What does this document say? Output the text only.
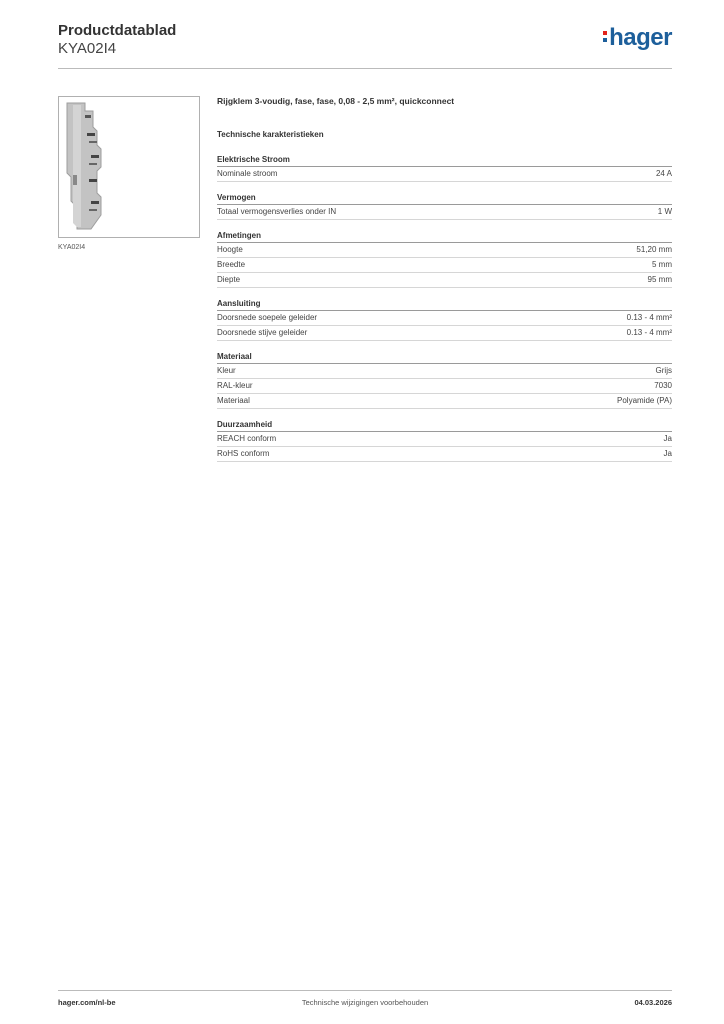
Productdatablad
KYA02I4	hager
KYA02I4
Rijgklem 3-voudig, fase, fase, 0,08 - 2,5 mm², quickconnect
Technische karakteristieken
Elektrische Stroom
Nominale stroom	24 A
Vermogen
Totaal vermogensverlies onder IN	1 W
Afmetingen
Hoogte	51,20 mm
Breedte	5 mm
Diepte	95 mm
Aansluiting
Doorsnede soepele geleider	0.13 - 4 mm²
Doorsnede stijve geleider	0.13 - 4 mm²
Materiaal
Kleur	Grijs
RAL-kleur	7030
Materiaal	Polyamide (PA)
Duurzaamheid
REACH conform	Ja
RoHS conform	Ja
hager.com/nl-be	Technische wijzigingen voorbehouden	04.03.2026
